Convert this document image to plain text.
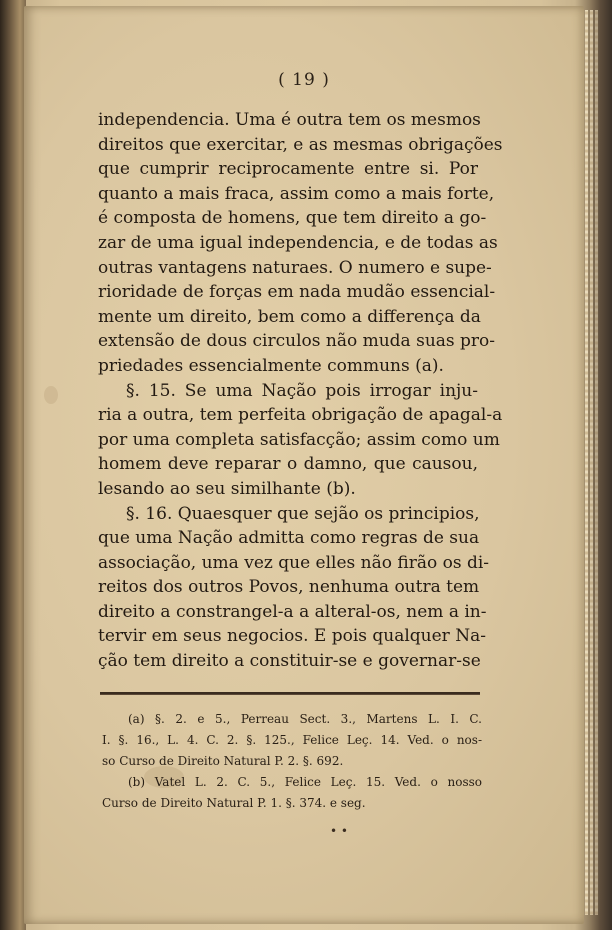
( 19 )
independencia. Uma é outra tem os mesmos
direitos que exercitar, e as mesmas obrigações
que cumprir reciprocamente entre si. Por
quanto a mais fraca, assim como a mais forte,
é composta de homens, que tem direito a go-
zar de uma igual independencia, e de todas as
outras vantagens naturaes. O numero e supe-
rioridade de forças em nada mudão essencial-
mente um direito, bem como a differença da
extensão de dous circulos não muda suas pro-
priedades essencialmente communs (a).
§. 15. Se uma Nação pois irrogar inju-
ria a outra, tem perfeita obrigação de apagal-a
por uma completa satisfacção; assim como um
homem deve reparar o damno, que causou,
lesando ao seu similhante (b).
§. 16. Quaesquer que sejão os principios,
que uma Nação admitta como regras de sua
associação, uma vez que elles não firão os di-
reitos dos outros Povos, nenhuma outra tem
direito a constrangel-a a alteral-os, nem a in-
tervir em seus negocios. E pois qualquer Na-
ção tem direito a constituir-se e governar-se
(a) §. 2. e 5., Perreau Sect. 3., Martens L. I. C.
I. §. 16., L. 4. C. 2. §. 125., Felice Leç. 14. Ved. o nos-
so Curso de Direito Natural P. 2. §. 692.
(b) Vatel L. 2. C. 5., Felice Leç. 15. Ved. o nosso
Curso de Direito Natural P. 1. §. 374. e seg.
• •
